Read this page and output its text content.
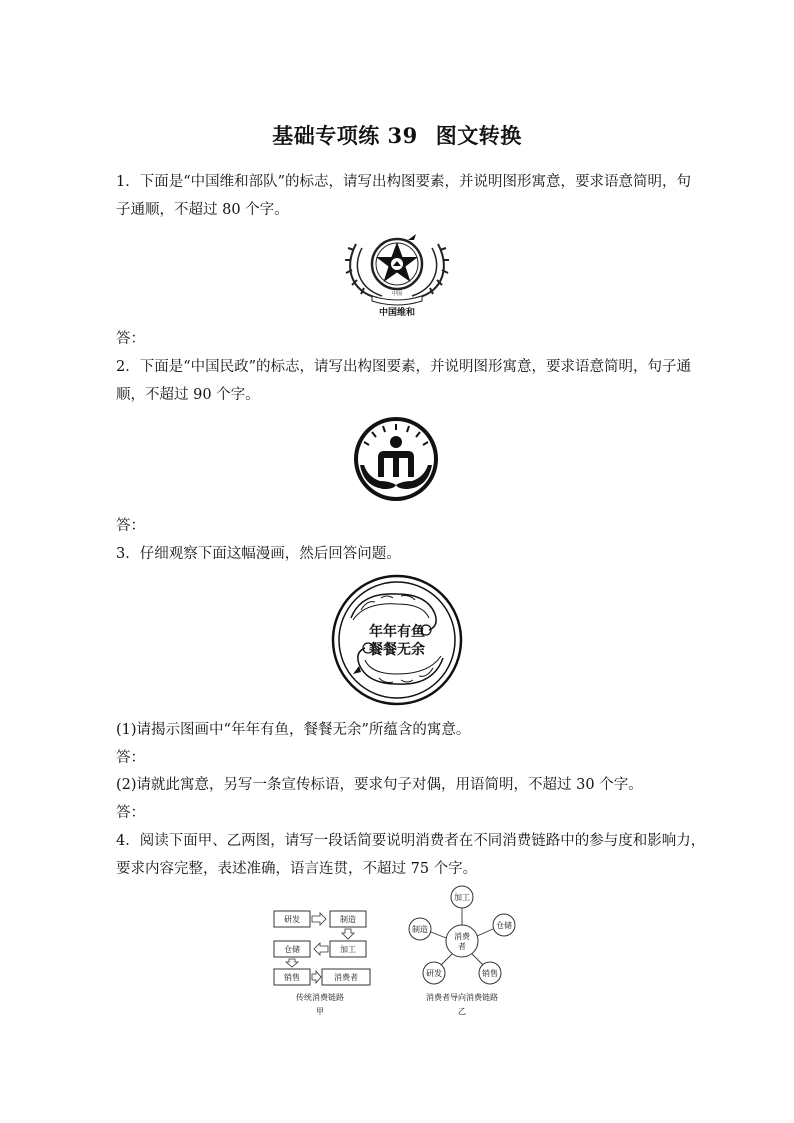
基础专项练 39 图文转换
1．下面是“中国维和部队”的标志，请写出构图要素，并说明图形寓意，要求语意简明，句
子通顺，不超过 80 个字。
中国
中国维和
答：
2．下面是“中国民政”的标志，请写出构图要素，并说明图形寓意，要求语意简明，句子通
顺，不超过 90 个字。
答：
3．仔细观察下面这幅漫画，然后回答问题。
年年有鱼
餐餐无余
(1)请揭示图画中“年年有鱼，餐餐无余”所蕴含的寓意。
答：
(2)请就此寓意，另写一条宣传标语，要求句子对偶，用语简明，不超过 30 个字。
答：
4．阅读下面甲、乙两图，请写一段话简要说明消费者在不同消费链路中的参与度和影响力，
要求内容完整，表述准确，语言连贯，不超过 75 个字。
研发	制造
加工
仓储
销售	消费者
传统消费链路
甲
消费
者
加工
仓储
销售
研发
制造
消费者导向消费链路
乙
